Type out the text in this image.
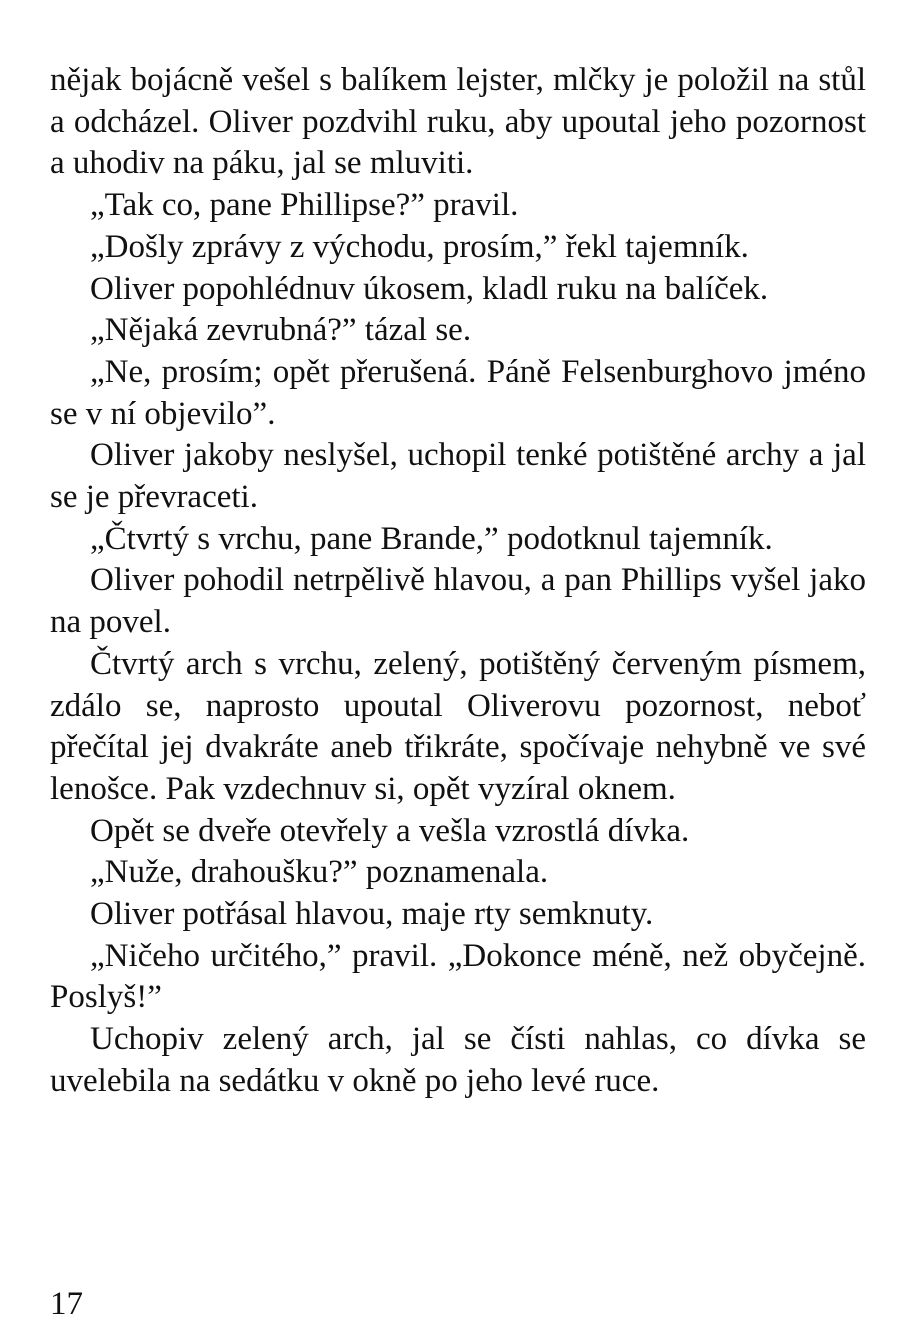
nějak bojácně vešel s balíkem lejster, mlčky je položil na stůl a odcházel. Oliver pozdvihl ruku, aby upoutal jeho pozornost a uhodiv na páku, jal se mluviti.

„Tak co, pane Phillipse?” pravil.

„Došly zprávy z východu, prosím,” řekl tajemník.

Oliver popohlédnuv úkosem, kladl ruku na balíček.

„Nějaká zevrubná?” tázal se.

„Ne, prosím; opět přerušená. Páně Felsenburghovo jméno se v ní objevilo”.

Oliver jakoby neslyšel, uchopil tenké potištěné archy a jal se je převraceti.

„Čtvrtý s vrchu, pane Brande,” podotknul tajemník.

Oliver pohodil netrpělivě hlavou, a pan Phillips vyšel jako na povel.

Čtvrtý arch s vrchu, zelený, potištěný červeným písmem, zdálo se, naprosto upoutal Oliverovu pozornost, neboť přečítal jej dvakráte aneb třikráte, spočívaje nehybně ve své lenošce. Pak vzdechnuv si, opět vyzíral oknem.

Opět se dveře otevřely a vešla vzrostlá dívka.

„Nuže, drahoušku?” poznamenala.

Oliver potřásal hlavou, maje rty semknuty.

„Ničeho určitého,” pravil. „Dokonce méně, než obyčejně. Poslyš!”

Uchopiv zelený arch, jal se čísti nahlas, co dívka se uvelebila na sedátku v okně po jeho levé ruce.

17
